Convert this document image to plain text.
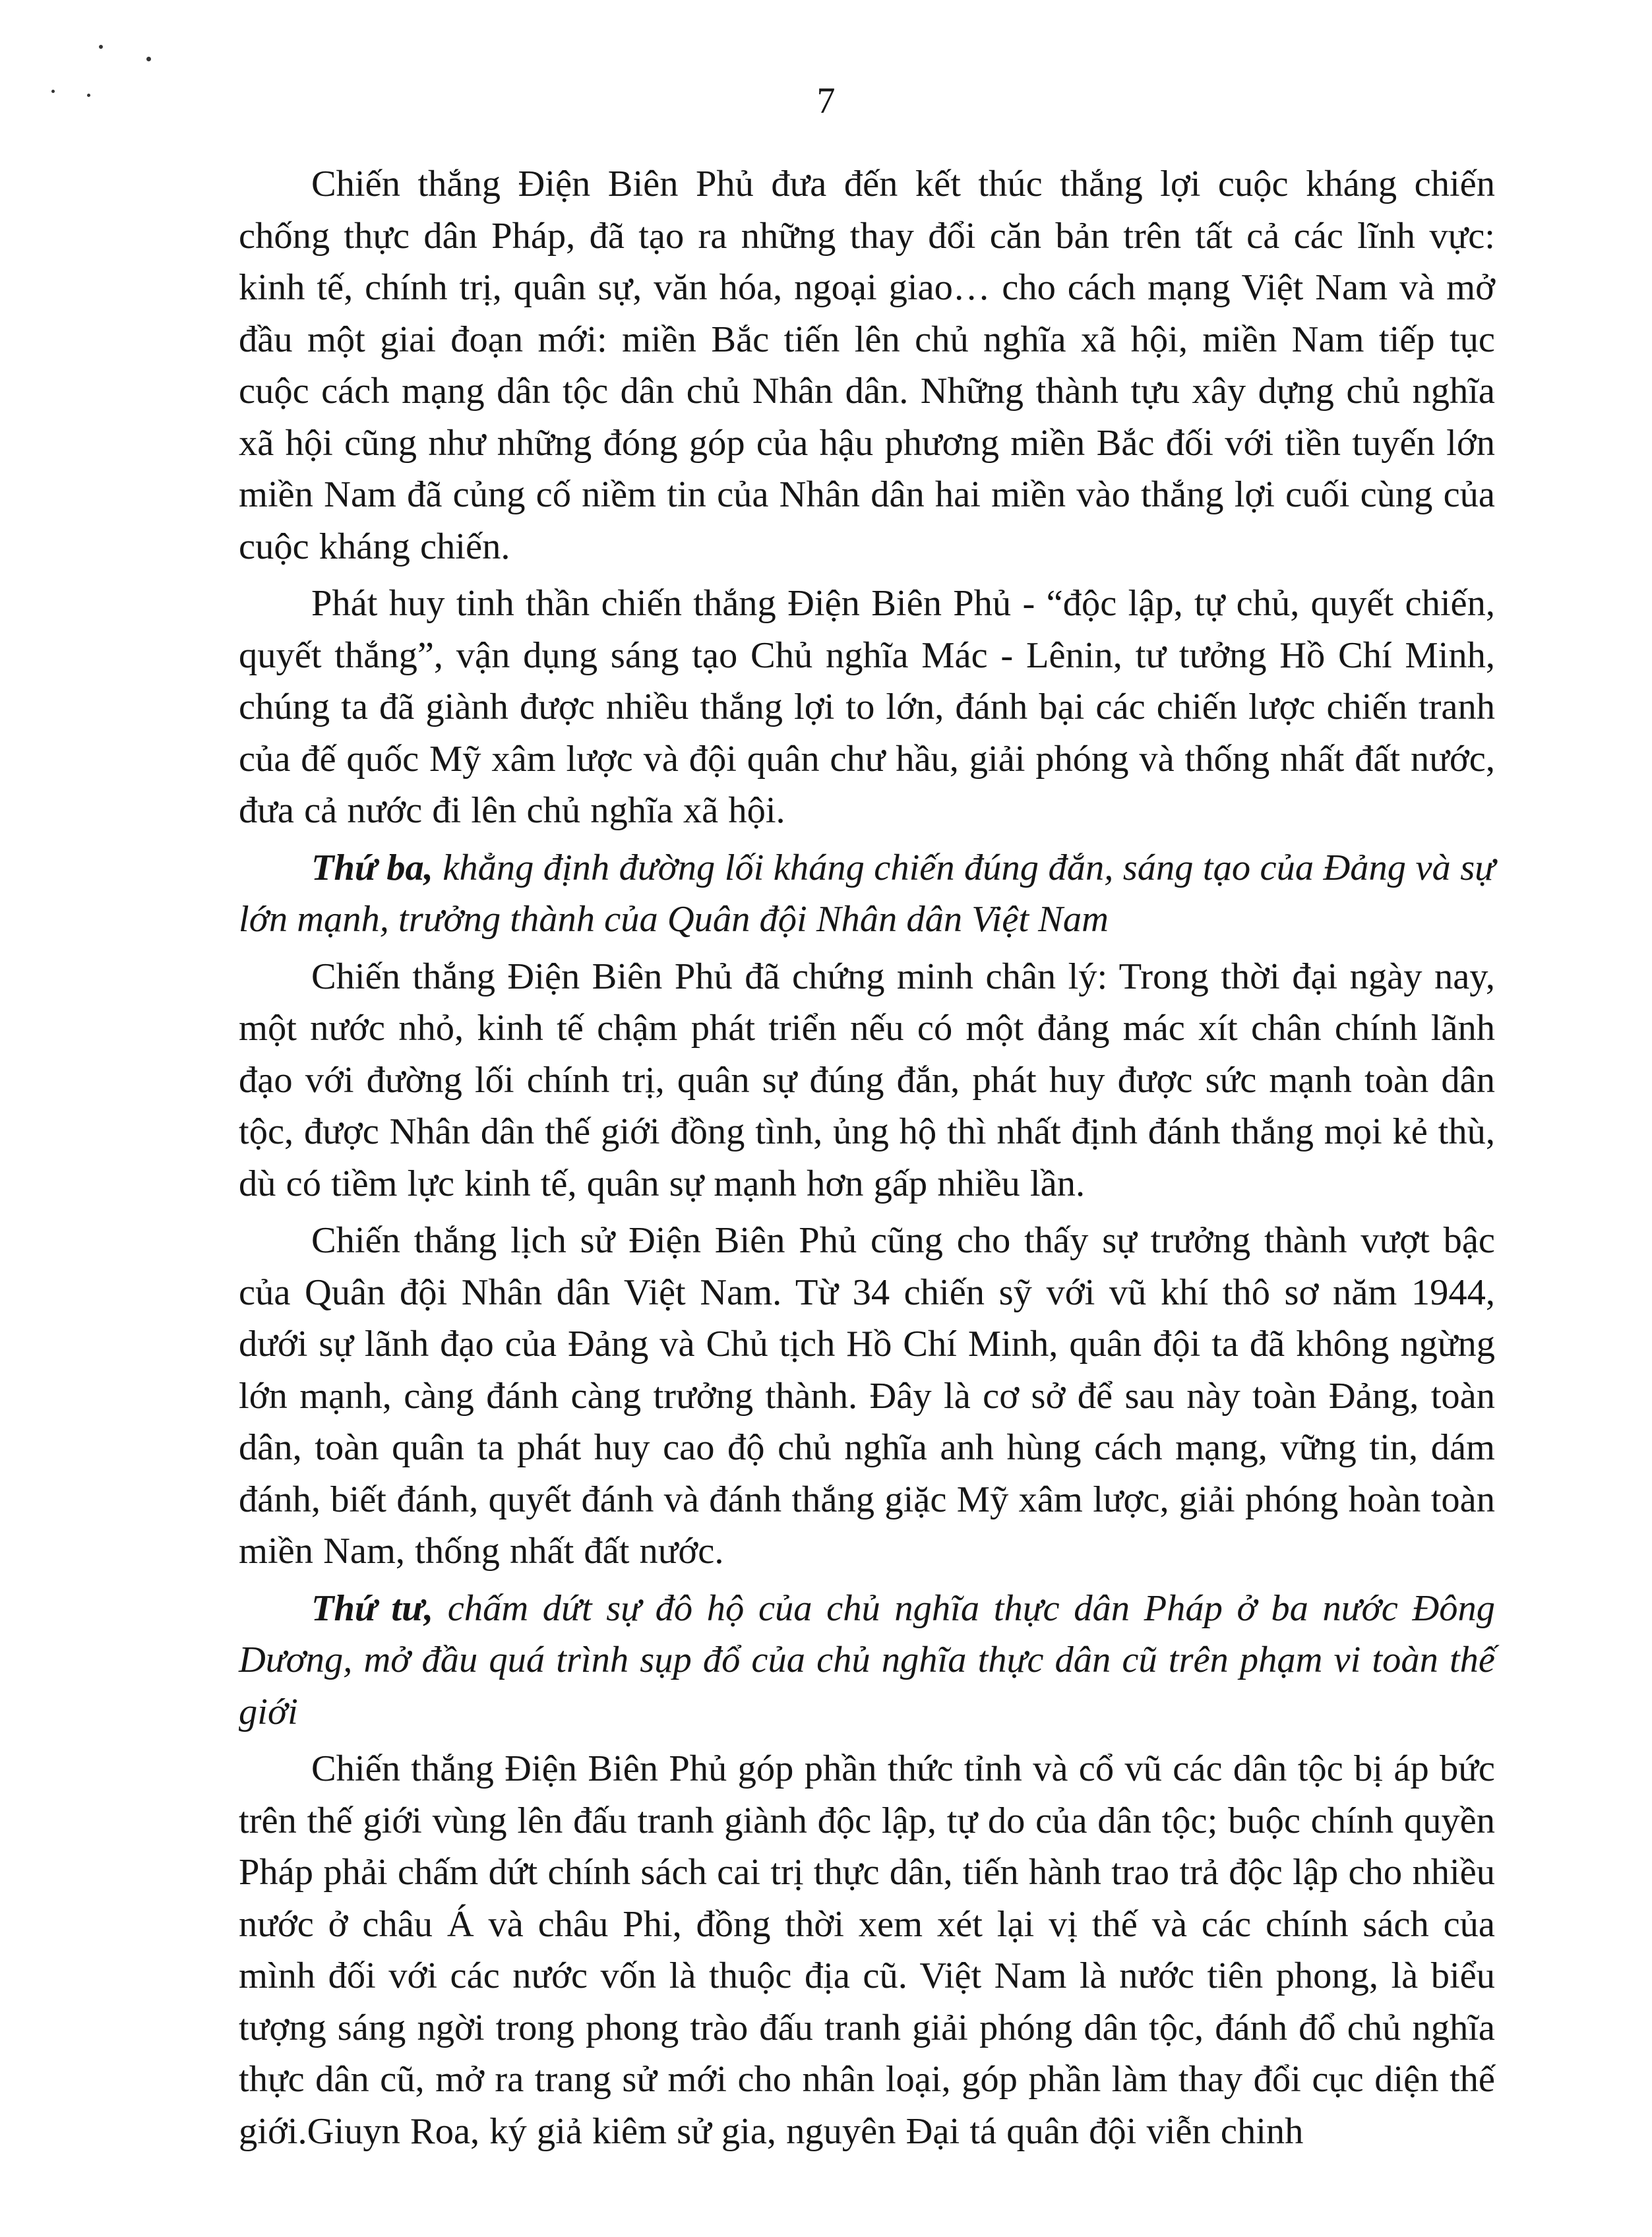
7

Chiến thắng Điện Biên Phủ đưa đến kết thúc thắng lợi cuộc kháng chiến chống thực dân Pháp, đã tạo ra những thay đổi căn bản trên tất cả các lĩnh vực: kinh tế, chính trị, quân sự, văn hóa, ngoại giao… cho cách mạng Việt Nam và mở đầu một giai đoạn mới: miền Bắc tiến lên chủ nghĩa xã hội, miền Nam tiếp tục cuộc cách mạng dân tộc dân chủ Nhân dân. Những thành tựu xây dựng chủ nghĩa xã hội cũng như những đóng góp của hậu phương miền Bắc đối với tiền tuyến lớn miền Nam đã củng cố niềm tin của Nhân dân hai miền vào thắng lợi cuối cùng của cuộc kháng chiến.

Phát huy tinh thần chiến thắng Điện Biên Phủ - “độc lập, tự chủ, quyết chiến, quyết thắng”, vận dụng sáng tạo Chủ nghĩa Mác - Lênin, tư tưởng Hồ Chí Minh, chúng ta đã giành được nhiều thắng lợi to lớn, đánh bại các chiến lược chiến tranh của đế quốc Mỹ xâm lược và đội quân chư hầu, giải phóng và thống nhất đất nước, đưa cả nước đi lên chủ nghĩa xã hội.

Thứ ba, khẳng định đường lối kháng chiến đúng đắn, sáng tạo của Đảng và sự lớn mạnh, trưởng thành của Quân đội Nhân dân Việt Nam

Chiến thắng Điện Biên Phủ đã chứng minh chân lý: Trong thời đại ngày nay, một nước nhỏ, kinh tế chậm phát triển nếu có một đảng mác xít chân chính lãnh đạo với đường lối chính trị, quân sự đúng đắn, phát huy được sức mạnh toàn dân tộc, được Nhân dân thế giới đồng tình, ủng hộ thì nhất định đánh thắng mọi kẻ thù, dù có tiềm lực kinh tế, quân sự mạnh hơn gấp nhiều lần.

Chiến thắng lịch sử Điện Biên Phủ cũng cho thấy sự trưởng thành vượt bậc của Quân đội Nhân dân Việt Nam. Từ 34 chiến sỹ với vũ khí thô sơ năm 1944, dưới sự lãnh đạo của Đảng và Chủ tịch Hồ Chí Minh, quân đội ta đã không ngừng lớn mạnh, càng đánh càng trưởng thành. Đây là cơ sở để sau này toàn Đảng, toàn dân, toàn quân ta phát huy cao độ chủ nghĩa anh hùng cách mạng, vững tin, dám đánh, biết đánh, quyết đánh và đánh thắng giặc Mỹ xâm lược, giải phóng hoàn toàn miền Nam, thống nhất đất nước.

Thứ tư, chấm dứt sự đô hộ của chủ nghĩa thực dân Pháp ở ba nước Đông Dương, mở đầu quá trình sụp đổ của chủ nghĩa thực dân cũ trên phạm vi toàn thế giới

Chiến thắng Điện Biên Phủ góp phần thức tỉnh và cổ vũ các dân tộc bị áp bức trên thế giới vùng lên đấu tranh giành độc lập, tự do của dân tộc; buộc chính quyền Pháp phải chấm dứt chính sách cai trị thực dân, tiến hành trao trả độc lập cho nhiều nước ở châu Á và châu Phi, đồng thời xem xét lại vị thế và các chính sách của mình đối với các nước vốn là thuộc địa cũ. Việt Nam là nước tiên phong, là biểu tượng sáng ngời trong phong trào đấu tranh giải phóng dân tộc, đánh đổ chủ nghĩa thực dân cũ, mở ra trang sử mới cho nhân loại, góp phần làm thay đổi cục diện thế giới.Giuyn Roa, ký giả kiêm sử gia, nguyên Đại tá quân đội viễn chinh
